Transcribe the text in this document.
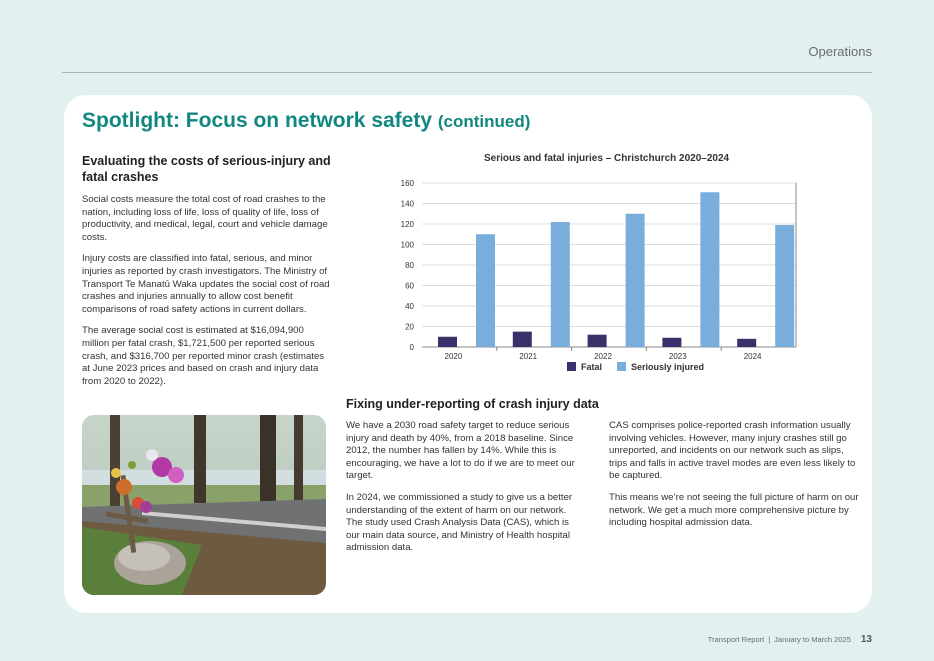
Operations
Spotlight: Focus on network safety (continued)
Evaluating the costs of serious-injury and fatal crashes

Social costs measure the total cost of road crashes to the nation, including loss of life, loss of quality of life, loss of productivity, and medical, legal, court and vehicle damage costs.

Injury costs are classified into fatal, serious, and minor injuries as reported by crash investigators. The Ministry of Transport Te Manatū Waka updates the social cost of road crashes and injuries annually to allow cost benefit comparisons of road safety actions in current dollars.

The average social cost is estimated at $16,094,900 million per fatal crash, $1,721,500 per reported serious crash, and $316,700 per reported minor crash (estimates at June 2023 prices and based on crash and injury data from 2020 to 2022).

Serious and fatal injuries – Christchurch 2020–2024
0
20
40
60
80
100
120
140
160
2020	2021	2022	2023	2024
Fatal	Seriously injured
Fixing under-reporting of crash injury data

We have a 2030 road safety target to reduce serious injury and death by 40%, from a 2018 baseline. Since 2012, the number has fallen by 14%. While this is encouraging, we have a lot to do if we are to meet our target.

In 2024, we commissioned a study to give us a better understanding of the extent of harm on our network. The study used Crash Analysis Data (CAS), which is our main data source, and Ministry of Health hospital admission data.

CAS comprises police-reported crash information usually involving vehicles. However, many injury crashes still go unreported, and incidents on our network such as slips, trips and falls in active travel modes are even less likely to be captured.

This means we’re not seeing the full picture of harm on our network. We get a much more comprehensive picture by including hospital admission data.

Transport Report | January to March 2025 13
